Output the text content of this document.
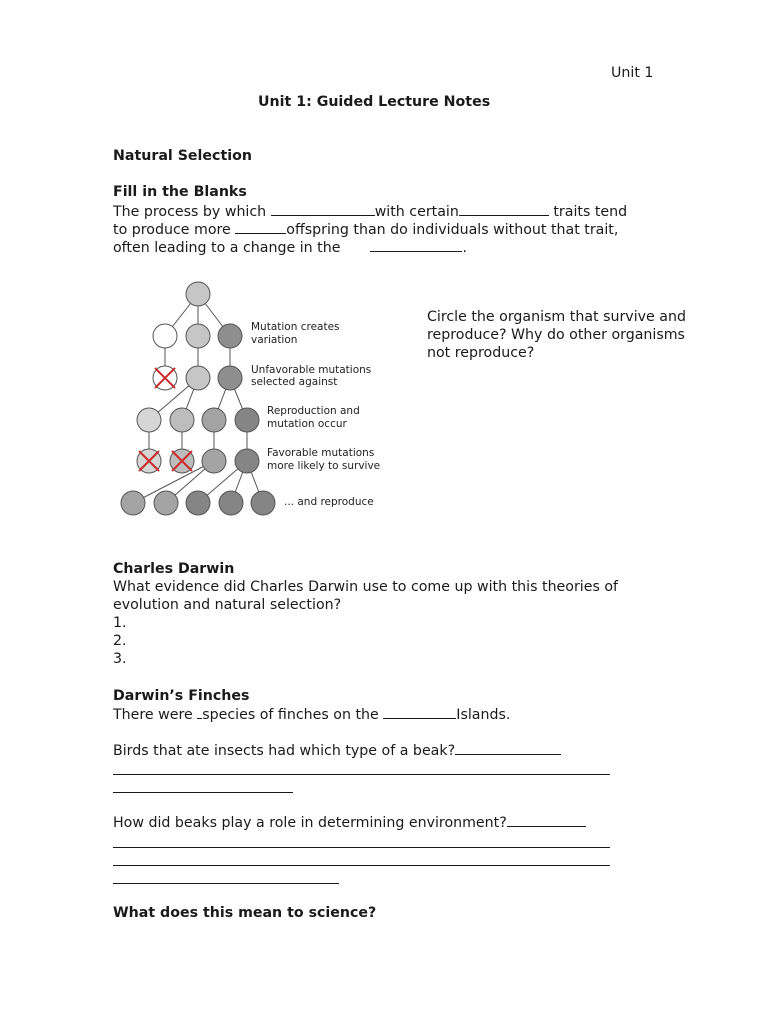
Unit 1
Unit 1: Guided Lecture Notes
Natural Selection
Fill in the Blanks
The process by which	with certain	traits tend
to produce more	offspring than do individuals without that trait,
often leading to a change in the	.
Mutation creates
variation
Unfavorable mutations
selected against
Reproduction and
mutation occur
Favorable mutations
more likely to survive
... and reproduce
Circle the organism that survive and
reproduce? Why do other organisms
not reproduce?
Charles Darwin
What evidence did Charles Darwin use to come up with this theories of
evolution and natural selection?
1.
2.
3.
Darwin’s Finches
There were species of finches on the	Islands.
Birds that ate insects had which type of a beak?
How did beaks play a role in determining environment?
What does this mean to science?
